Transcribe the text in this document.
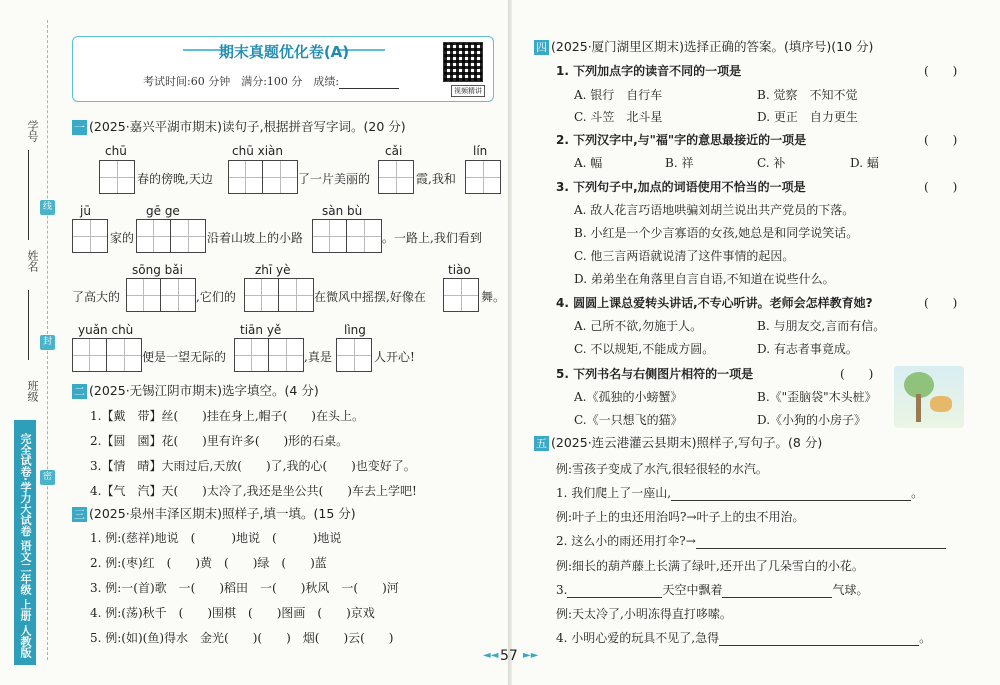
学号
姓名
班级
线
封
密
完全试卷·学力大试卷 语文二年级 上册 人教版
期末真题优化卷(A)
考试时间:60 分钟　满分:100 分　成绩:
视频精讲
一 (2025·嘉兴平湖市期末)读句子,根据拼音写字词。(20 分)
chū
春的傍晚,天边
chū xiàn
了一片美丽的
cǎi
霞,我和
lín
jū
家的
gē ge
沿着山坡上的小路
sàn bù
。一路上,我们看到
sōng bǎi
了高大的	,它们的
zhī yè
在微风中摇摆,好像在
tiào
舞。
yuǎn chù
便是一望无际的
tiān yě
,真是
lìng
人开心!
二 (2025·无锡江阴市期末)选字填空。(4 分)
1.【戴　带】丝(　　)挂在身上,帽子(　　)在头上。
2.【圆　園】花(　　)里有许多(　　)形的石桌。
3.【情　晴】大雨过后,天放(　　)了,我的心(　　)也变好了。
4.【气　汽】天(　　)太冷了,我还是坐公共(　　)车去上学吧!
三 (2025·泉州丰泽区期末)照样子,填一填。(15 分)
1. 例:(慈祥)地说　(　　　)地说　(　　　)地说
2. 例:(枣)红　(　　)黄　(　　)绿　(　　)蓝
3. 例:一(首)歌　一(　　)稻田　一(　　)秋风　一(　　)河
4. 例:(荡)秋千　(　　)围棋　(　　)图画　(　　)京戏
5. 例:(如)(鱼)得水　金光(　　)(　　)　烟(　　)云(　　)
四 (2025·厦门湖里区期末)选择正确的答案。(填序号)(10 分)
1. 下列加点字的读音不同的一项是	(　　)
A. 银行　自行车	B. 觉察　不知不觉
C. 斗笠　北斗星	D. 更正　自力更生
2. 下列汉字中,与"福"字的意思最接近的一项是	(　　)
A. 幅	B. 祥	C. 补	D. 蝠
3. 下列句子中,加点的词语使用不恰当的一项是	(　　)
A. 敌人花言巧语地哄骗刘胡兰说出共产党员的下落。
B. 小红是一个少言寡语的女孩,她总是和同学说笑话。
C. 他三言两语就说清了这件事情的起因。
D. 弟弟坐在角落里自言自语,不知道在说些什么。
4. 圆圆上课总爱转头讲话,不专心听讲。老师会怎样教育她?	(　　)
A. 己所不欲,勿施于人。	B. 与朋友交,言而有信。
C. 不以规矩,不能成方圆。	D. 有志者事竟成。
5. 下列书名与右侧图片相符的一项是	(　　)
A.《孤独的小螃蟹》	B.《"歪脑袋"木头桩》
C.《一只想飞的猫》	D.《小狗的小房子》
五 (2025·连云港灌云县期末)照样子,写句子。(8 分)
例:雪孩子变成了水汽,很轻很轻的水汽。
1. 我们爬上了一座山,	。
例:叶子上的虫还用治吗?→叶子上的虫不用治。
2. 这么小的雨还用打伞?→
例:细长的葫芦藤上长满了绿叶,还开出了几朵雪白的小花。
3.	天空中飘着	气球。
例:天太冷了,小明冻得直打哆嗦。
4. 小明心爱的玩具不见了,急得	。
◄◄ 57 ►►
